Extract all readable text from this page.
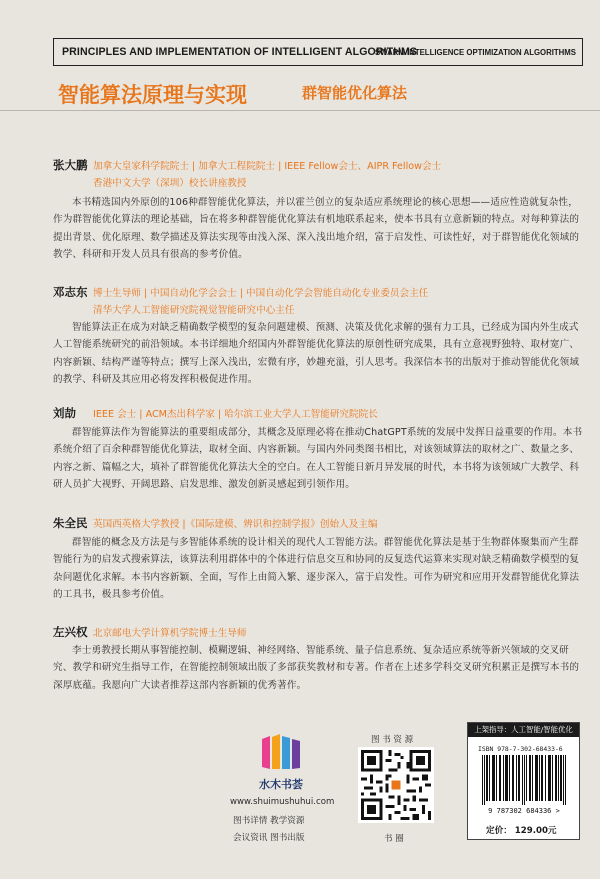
PRINCIPLES AND IMPLEMENTATION OF INTELLIGENT ALGORITHMS
SWARM INTELLIGENCE OPTIMIZATION ALGORITHMS
智能算法原理与实现	群智能优化算法
张大鹏 加拿大皇家科学院院士 | 加拿大工程院院士 | IEEE Fellow会士、AIPR Fellow会士
香港中文大学（深圳）校长讲座教授

本书精选国内外原创的106种群智能优化算法，并以霍兰创立的复杂适应系统理论的核心思想——适应性造就复杂性，作为群智能优化算法的理论基础，旨在将多种群智能优化算法有机地联系起来，使本书具有立意新颖的特点。对每种算法的提出背景、优化原理、数学描述及算法实现等由浅入深、深入浅出地介绍，富于启发性、可读性好，对于群智能优化领域的教学、科研和开发人员具有很高的参考价值。

邓志东 博士生导师 | 中国自动化学会会士 | 中国自动化学会智能自动化专业委员会主任
清华大学人工智能研究院视觉智能研究中心主任

智能算法正在成为对缺乏精确数学模型的复杂问题建模、预测、决策及优化求解的强有力工具，已经成为国内外生成式人工智能系统研究的前沿领域。本书详细地介绍国内外群智能优化算法的原创性研究成果，具有立意视野独特、取材宽广、内容新颖、结构严谨等特点；撰写上深入浅出，宏微有序，妙趣充溢，引人思考。我深信本书的出版对于推动智能优化领域的教学、科研及其应用必将发挥积极促进作用。

刘劼 IEEE 会士 | ACM杰出科学家 | 哈尔滨工业大学人工智能研究院院长

群智能算法作为智能算法的重要组成部分，其概念及原理必将在推动ChatGPT系统的发展中发挥日益重要的作用。本书系统介绍了百余种群智能优化算法，取材全面、内容新颖。与国内外同类图书相比，对该领域算法的取材之广、数量之多、内容之新、篇幅之大，填补了群智能优化算法大全的空白。在人工智能日新月异发展的时代，本书将为该领域广大教学、科研人员扩大视野、开阔思路、启发思维、激发创新灵感起到引领作用。

朱全民 英国西英格大学教授 |《国际建模、辨识和控制学报》创始人及主编

群智能的概念及方法是与多智能体系统的设计相关的现代人工智能方法。群智能优化算法是基于生物群体聚集而产生群智能行为的启发式搜索算法，该算法利用群体中的个体进行信息交互和协同的反复迭代运算来实现对缺乏精确数学模型的复杂问题优化求解。本书内容新颖、全面，写作上由简入繁、逐步深入，富于启发性。可作为研究和应用开发群智能优化算法的工具书，极具参考价值。

左兴权 北京邮电大学计算机学院博士生导师

李士勇教授长期从事智能控制、模糊逻辑、神经网络、智能系统、量子信息系统、复杂适应系统等新兴领域的交叉研究、教学和研究生指导工作，在智能控制领域出版了多部获奖教材和专著。作者在上述多学科交叉研究积累正是撰写本书的深厚底蕴。我愿向广大读者推荐这部内容新颖的优秀著作。

水木书荟
www.shuimushuhui.com
图书详情 教学资源
会议资讯 图书出版
图 书 资 源
书 圈
上架指导：人工智能/智能优化
ISBN 978-7-302-68433-6
9 787302 684336 >
定价： 129.00元
